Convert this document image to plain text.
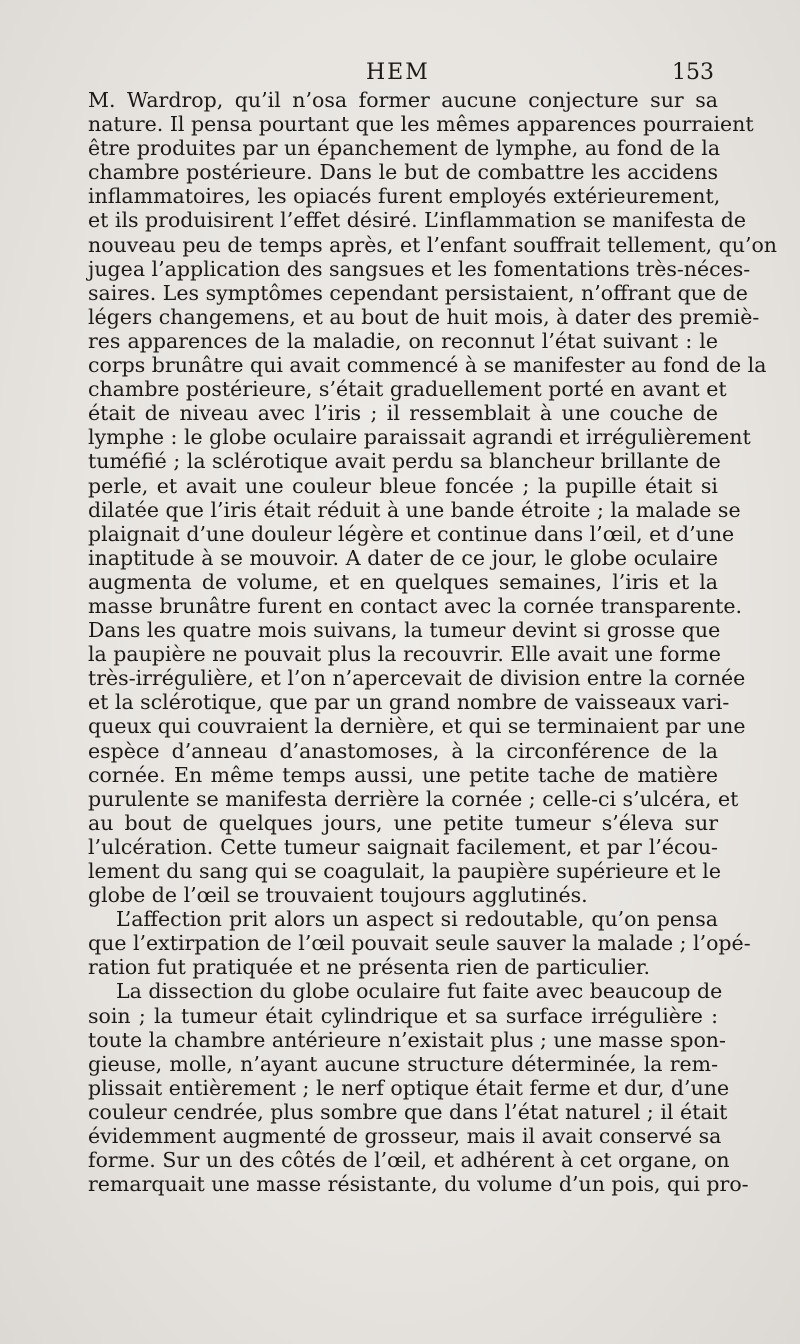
HEM	153
M. Wardrop, qu’il n’osa former aucune conjecture sur sa
nature. Il pensa pourtant que les mêmes apparences pourraient
être produites par un épanchement de lymphe, au fond de la
chambre postérieure. Dans le but de combattre les accidens
inflammatoires, les opiacés furent employés extérieurement,
et ils produisirent l’effet désiré. L’inflammation se manifesta de
nouveau peu de temps après, et l’enfant souffrait tellement, qu’on
jugea l’application des sangsues et les fomentations très-néces-
saires. Les symptômes cependant persistaient, n’offrant que de
légers changemens, et au bout de huit mois, à dater des premiè-
res apparences de la maladie, on reconnut l’état suivant : le
corps brunâtre qui avait commencé à se manifester au fond de la
chambre postérieure, s’était graduellement porté en avant et
était de niveau avec l’iris ; il ressemblait à une couche de
lymphe : le globe oculaire paraissait agrandi et irrégulièrement
tuméfié ; la sclérotique avait perdu sa blancheur brillante de
perle, et avait une couleur bleue foncée ; la pupille était si
dilatée que l’iris était réduit à une bande étroite ; la malade se
plaignait d’une douleur légère et continue dans l’œil, et d’une
inaptitude à se mouvoir. A dater de ce jour, le globe oculaire
augmenta de volume, et en quelques semaines, l’iris et la
masse brunâtre furent en contact avec la cornée transparente.
Dans les quatre mois suivans, la tumeur devint si grosse que
la paupière ne pouvait plus la recouvrir. Elle avait une forme
très-irrégulière, et l’on n’apercevait de division entre la cornée
et la sclérotique, que par un grand nombre de vaisseaux vari-
queux qui couvraient la dernière, et qui se terminaient par une
espèce d’anneau d’anastomoses, à la circonférence de la
cornée. En même temps aussi, une petite tache de matière
purulente se manifesta derrière la cornée ; celle-ci s’ulcéra, et
au bout de quelques jours, une petite tumeur s’éleva sur
l’ulcération. Cette tumeur saignait facilement, et par l’écou-
lement du sang qui se coagulait, la paupière supérieure et le
globe de l’œil se trouvaient toujours agglutinés.
L’affection prit alors un aspect si redoutable, qu’on pensa
que l’extirpation de l’œil pouvait seule sauver la malade ; l’opé-
ration fut pratiquée et ne présenta rien de particulier.
La dissection du globe oculaire fut faite avec beaucoup de
soin ; la tumeur était cylindrique et sa surface irrégulière :
toute la chambre antérieure n’existait plus ; une masse spon-
gieuse, molle, n’ayant aucune structure déterminée, la rem-
plissait entièrement ; le nerf optique était ferme et dur, d’une
couleur cendrée, plus sombre que dans l’état naturel ; il était
évidemment augmenté de grosseur, mais il avait conservé sa
forme. Sur un des côtés de l’œil, et adhérent à cet organe, on
remarquait une masse résistante, du volume d’un pois, qui pro-
